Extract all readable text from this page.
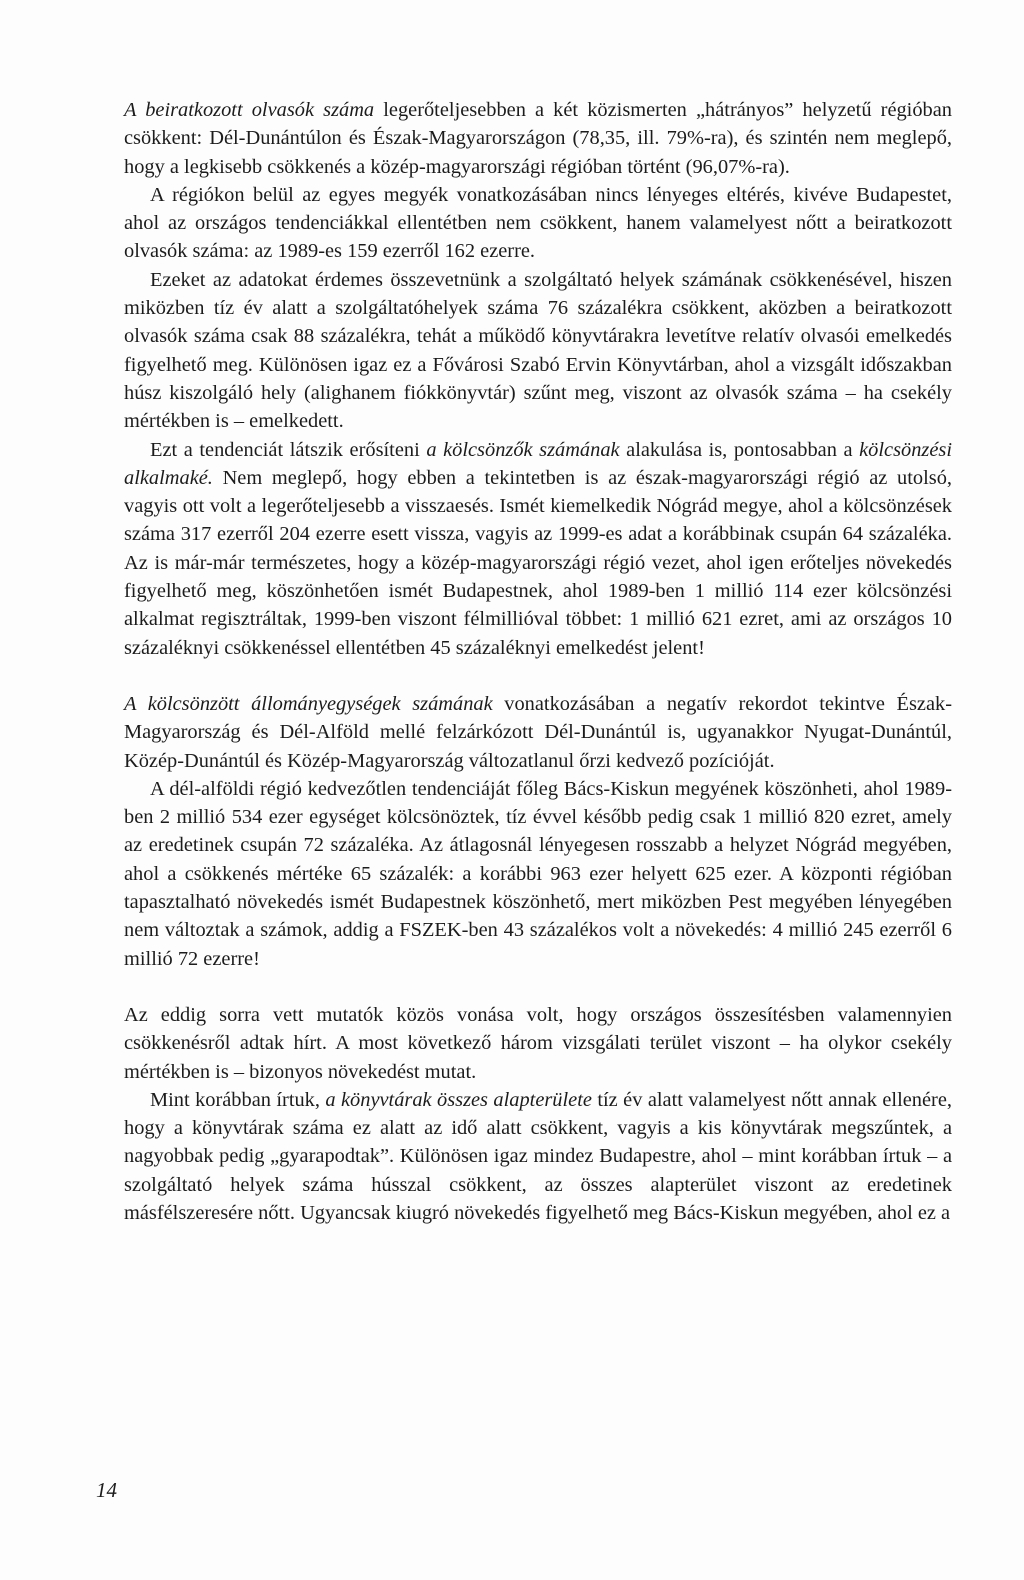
A beiratkozott olvasók száma legerőteljesebben a két közismerten „hátrányos” helyzetű régióban csökkent: Dél-Dunántúlon és Észak-Magyarországon (78,35, ill. 79%-ra), és szintén nem meglepő, hogy a legkisebb csökkenés a közép-magyarországi régióban történt (96,07%-ra).

A régiókon belül az egyes megyék vonatkozásában nincs lényeges eltérés, kivéve Budapestet, ahol az országos tendenciákkal ellentétben nem csökkent, hanem valamelyest nőtt a beiratkozott olvasók száma: az 1989-es 159 ezerről 162 ezerre.

Ezeket az adatokat érdemes összevetnünk a szolgáltató helyek számának csökkenésével, hiszen miközben tíz év alatt a szolgáltatóhelyek száma 76 százalékra csökkent, aközben a beiratkozott olvasók száma csak 88 százalékra, tehát a működő könyvtárakra levetítve relatív olvasói emelkedés figyelhető meg. Különösen igaz ez a Fővárosi Szabó Ervin Könyvtárban, ahol a vizsgált időszakban húsz kiszolgáló hely (alighanem fiókkönyvtár) szűnt meg, viszont az olvasók száma – ha csekély mértékben is – emelkedett.

Ezt a tendenciát látszik erősíteni a kölcsönzők számának alakulása is, pontosabban a kölcsönzési alkalmaké. Nem meglepő, hogy ebben a tekintetben is az észak-magyarországi régió az utolsó, vagyis ott volt a legerőteljesebb a visszaesés. Ismét kiemelkedik Nógrád megye, ahol a kölcsönzések száma 317 ezerről 204 ezerre esett vissza, vagyis az 1999-es adat a korábbinak csupán 64 százaléka. Az is már-már természetes, hogy a közép-magyarországi régió vezet, ahol igen erőteljes növekedés figyelhető meg, köszönhetően ismét Budapestnek, ahol 1989-ben 1 millió 114 ezer kölcsönzési alkalmat regisztráltak, 1999-ben viszont félmillióval többet: 1 millió 621 ezret, ami az országos 10 százaléknyi csökkenéssel ellentétben 45 százaléknyi emelkedést jelent!

A kölcsönzött állományegységek számának vonatkozásában a negatív rekordot tekintve Észak-Magyarország és Dél-Alföld mellé felzárkózott Dél-Dunántúl is, ugyanakkor Nyugat-Dunántúl, Közép-Dunántúl és Közép-Magyarország változatlanul őrzi kedvező pozícióját.

A dél-alföldi régió kedvezőtlen tendenciáját főleg Bács-Kiskun megyének köszönheti, ahol 1989-ben 2 millió 534 ezer egységet kölcsönöztek, tíz évvel később pedig csak 1 millió 820 ezret, amely az eredetinek csupán 72 százaléka. Az átlagosnál lényegesen rosszabb a helyzet Nógrád megyében, ahol a csökkenés mértéke 65 százalék: a korábbi 963 ezer helyett 625 ezer. A központi régióban tapasztalható növekedés ismét Budapestnek köszönhető, mert miközben Pest megyében lényegében nem változtak a számok, addig a FSZEK-ben 43 százalékos volt a növekedés: 4 millió 245 ezerről 6 millió 72 ezerre!

Az eddig sorra vett mutatók közös vonása volt, hogy országos összesítésben valamennyien csökkenésről adtak hírt. A most következő három vizsgálati terület viszont – ha olykor csekély mértékben is – bizonyos növekedést mutat.

Mint korábban írtuk, a könyvtárak összes alapterülete tíz év alatt valamelyest nőtt annak ellenére, hogy a könyvtárak száma ez alatt az idő alatt csökkent, vagyis a kis könyvtárak megszűntek, a nagyobbak pedig „gyarapodtak”. Különösen igaz mindez Budapestre, ahol – mint korábban írtuk – a szolgáltató helyek száma hússzal csökkent, az összes alapterület viszont az eredetinek másfélszeresére nőtt. Ugyancsak kiugró növekedés figyelhető meg Bács-Kiskun megyében, ahol ez a

14
